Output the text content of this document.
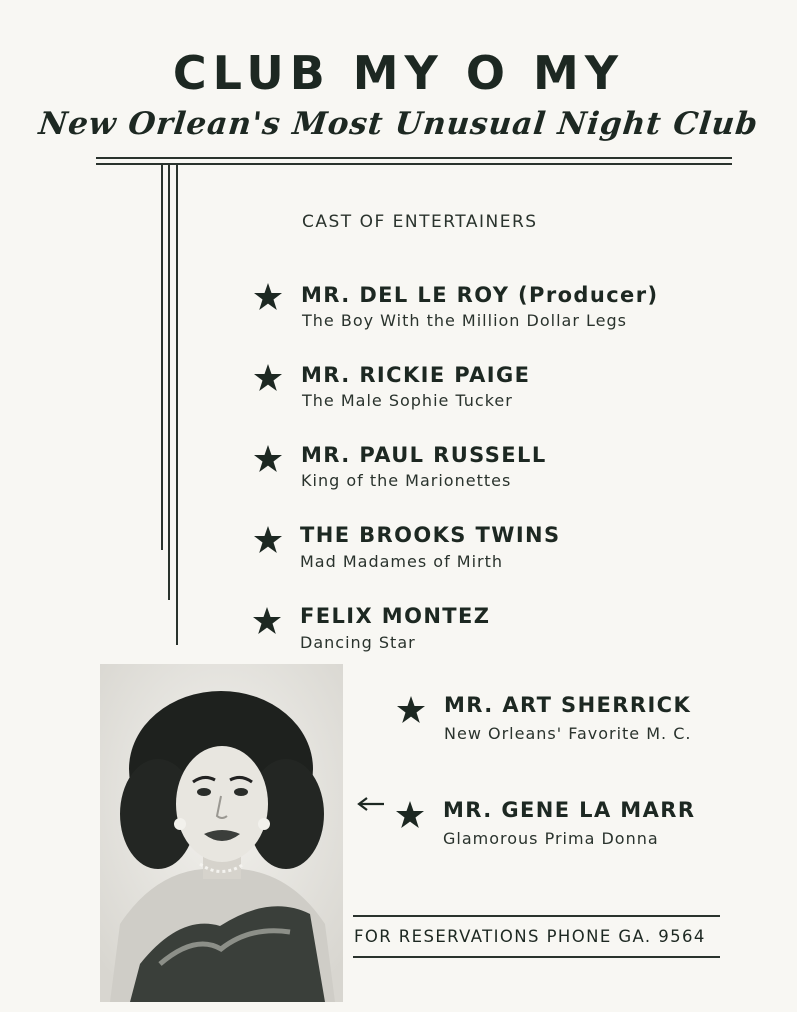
CLUB MY O MY
New Orlean's Most Unusual Night Club
CAST OF ENTERTAINERS
MR. DEL LE ROY (Producer)
The Boy With the Million Dollar Legs
MR. RICKIE PAIGE
The Male Sophie Tucker
MR. PAUL RUSSELL
King of the Marionettes
THE BROOKS TWINS
Mad Madames of Mirth
FELIX MONTEZ
Dancing Star
MR. ART SHERRICK
New Orleans' Favorite M. C.
MR. GENE LA MARR
Glamorous Prima Donna
FOR RESERVATIONS PHONE GA. 9564
